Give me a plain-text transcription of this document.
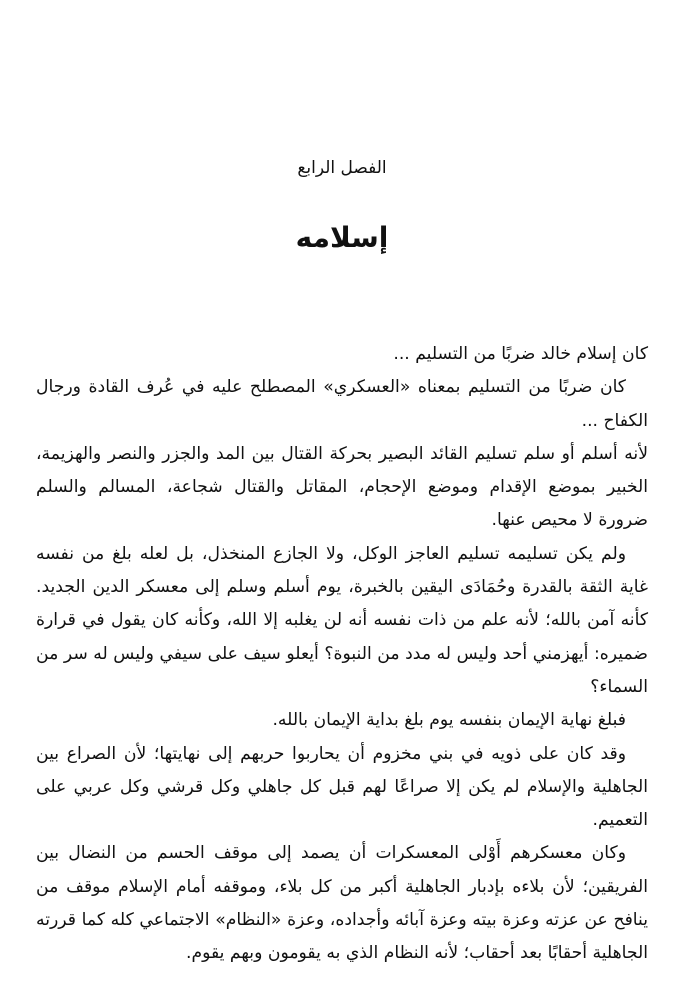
الفصل الرابع
إسلامه

كان إسلام خالد ضربًا من التسليم ...

كان ضربًا من التسليم بمعناه «العسكري» المصطلح عليه في عُرف القادة ورجال الكفاح ...

لأنه أسلم أو سلم تسليم القائد البصير بحركة القتال بين المد والجزر والنصر والهزيمة، الخبير بموضع الإقدام وموضع الإحجام، المقاتل والقتال شجاعة، المسالم والسلم ضرورة لا محيص عنها.

ولم يكن تسليمه تسليم العاجز الوكل، ولا الجازع المنخذل، بل لعله بلغ من نفسه غاية الثقة بالقدرة وحُمَادَى اليقين بالخبرة، يوم أسلم وسلم إلى معسكر الدين الجديد. كأنه آمن بالله؛ لأنه علم من ذات نفسه أنه لن يغلبه إلا الله، وكأنه كان يقول في قرارة ضميره: أيهزمني أحد وليس له مدد من النبوة؟ أيعلو سيف على سيفي وليس له سر من السماء؟

فبلغ نهاية الإيمان بنفسه يوم بلغ بداية الإيمان بالله.

وقد كان على ذويه في بني مخزوم أن يحاربوا حربهم إلى نهايتها؛ لأن الصراع بين الجاهلية والإسلام لم يكن إلا صراعًا لهم قبل كل جاهلي وكل قرشي وكل عربي على التعميم.

وكان معسكرهم أَوْلى المعسكرات أن يصمد إلى موقف الحسم من النضال بين الفريقين؛ لأن بلاءه بإدبار الجاهلية أكبر من كل بلاء، وموقفه أمام الإسلام موقف من ينافح عن عزته وعزة بيته وعزة آبائه وأجداده، وعزة «النظام» الاجتماعي كله كما قررته الجاهلية أحقابًا بعد أحقاب؛ لأنه النظام الذي به يقومون وبهم يقوم.
